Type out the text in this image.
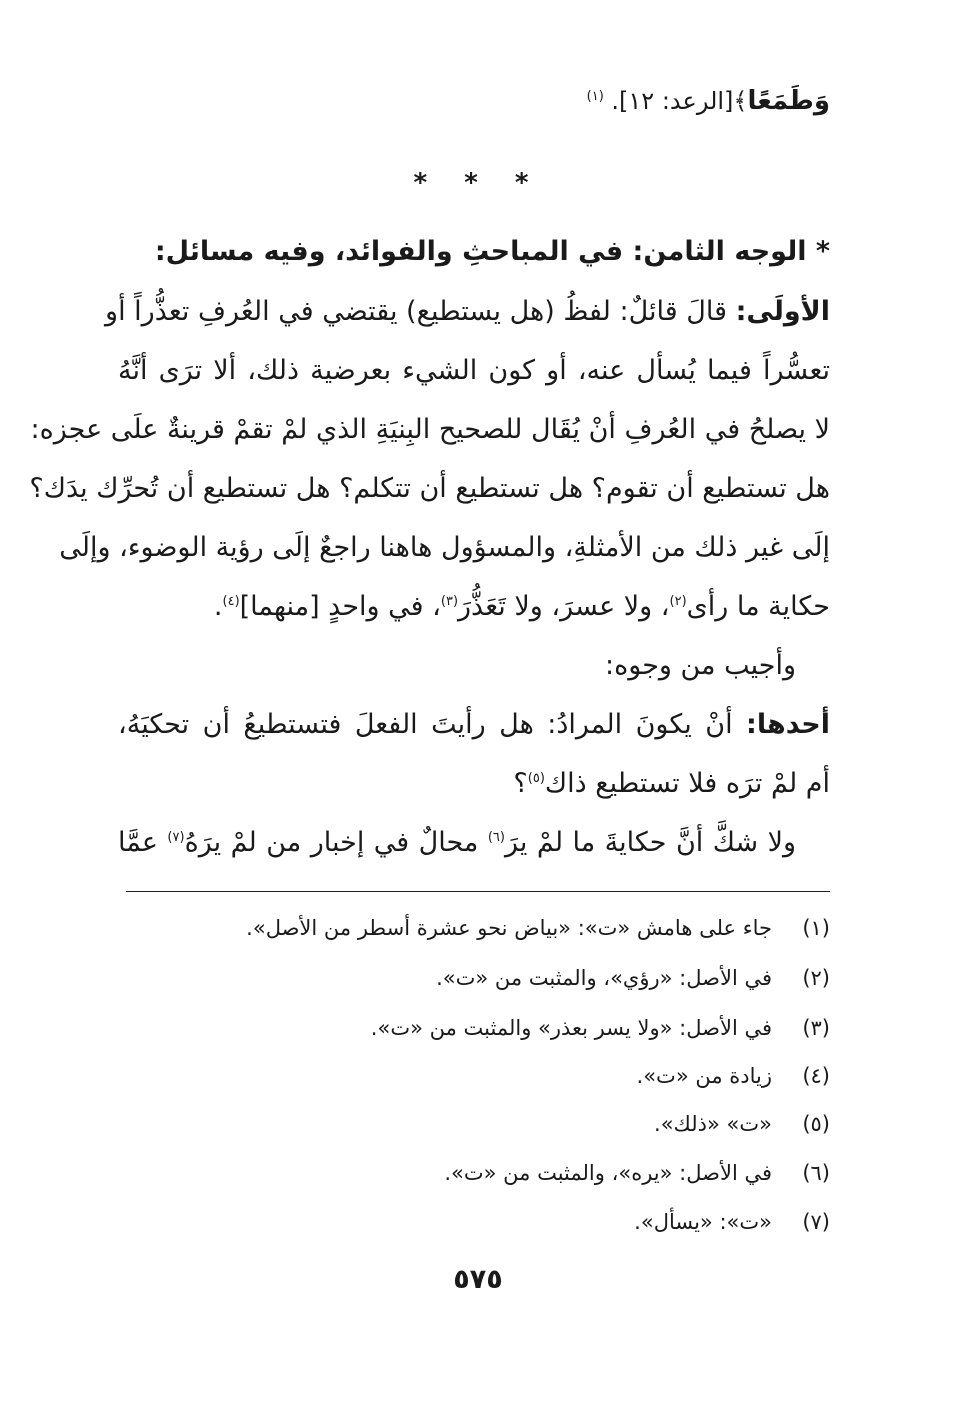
وَطَمَعًا﴾[الرعد: ١٢]. $^{(١)}$
* * *
* الوجه الثامن: في المباحثِ والفوائد، وفيه مسائل:
الأولَى: قالَ قائلٌ: لفظُ (هل يستطيع) يقتضي في العُرفِ تعذُّراً أو
تعسُّراً فيما يُسأل عنه، أو كون الشيء بعرضية ذلك، ألا ترَى أنَّهُ
لا يصلحُ في العُرفِ أنْ يُقَال للصحيح البِنيَةِ الذي لمْ تقمْ قرينةٌ علَى عجزه:
هل تستطيع أن تقوم؟ هل تستطيع أن تتكلم؟ هل تستطيع أن تُحرِّك يدَك؟
إلَى غير ذلك من الأمثلةِ، والمسؤول هاهنا راجعٌ إلَى رؤية الوضوء، وإلَى
حكاية ما رأى$^{(٢)}$، ولا عسرَ، ولا تَعَذُّرَ$^{(٣)}$، في واحدٍ [منهما]$^{(٤)}$.
وأجيب من وجوه:
أحدها: أنْ يكونَ المرادُ: هل رأيتَ الفعلَ فتستطيعُ أن تحكيَهُ،
أم لمْ ترَه فلا تستطيع ذاك$^{(٥)}$؟
ولا شكَّ أنَّ حكايةَ ما لمْ يرَ$^{(٦)}$ محالٌ في إخبار من لمْ يرَهُ$^{(٧)}$ عمَّا
(١)جاء على هامش «ت»: «بياض نحو عشرة أسطر من الأصل».
(٢)في الأصل: «رؤي»، والمثبت من «ت».
(٣)في الأصل: «ولا يسر بعذر» والمثبت من «ت».
(٤)زيادة من «ت».
(٥)«ت» «ذلك».
(٦)في الأصل: «يره»، والمثبت من «ت».
(٧)«ت»: «يسأل».
٥٧٥
